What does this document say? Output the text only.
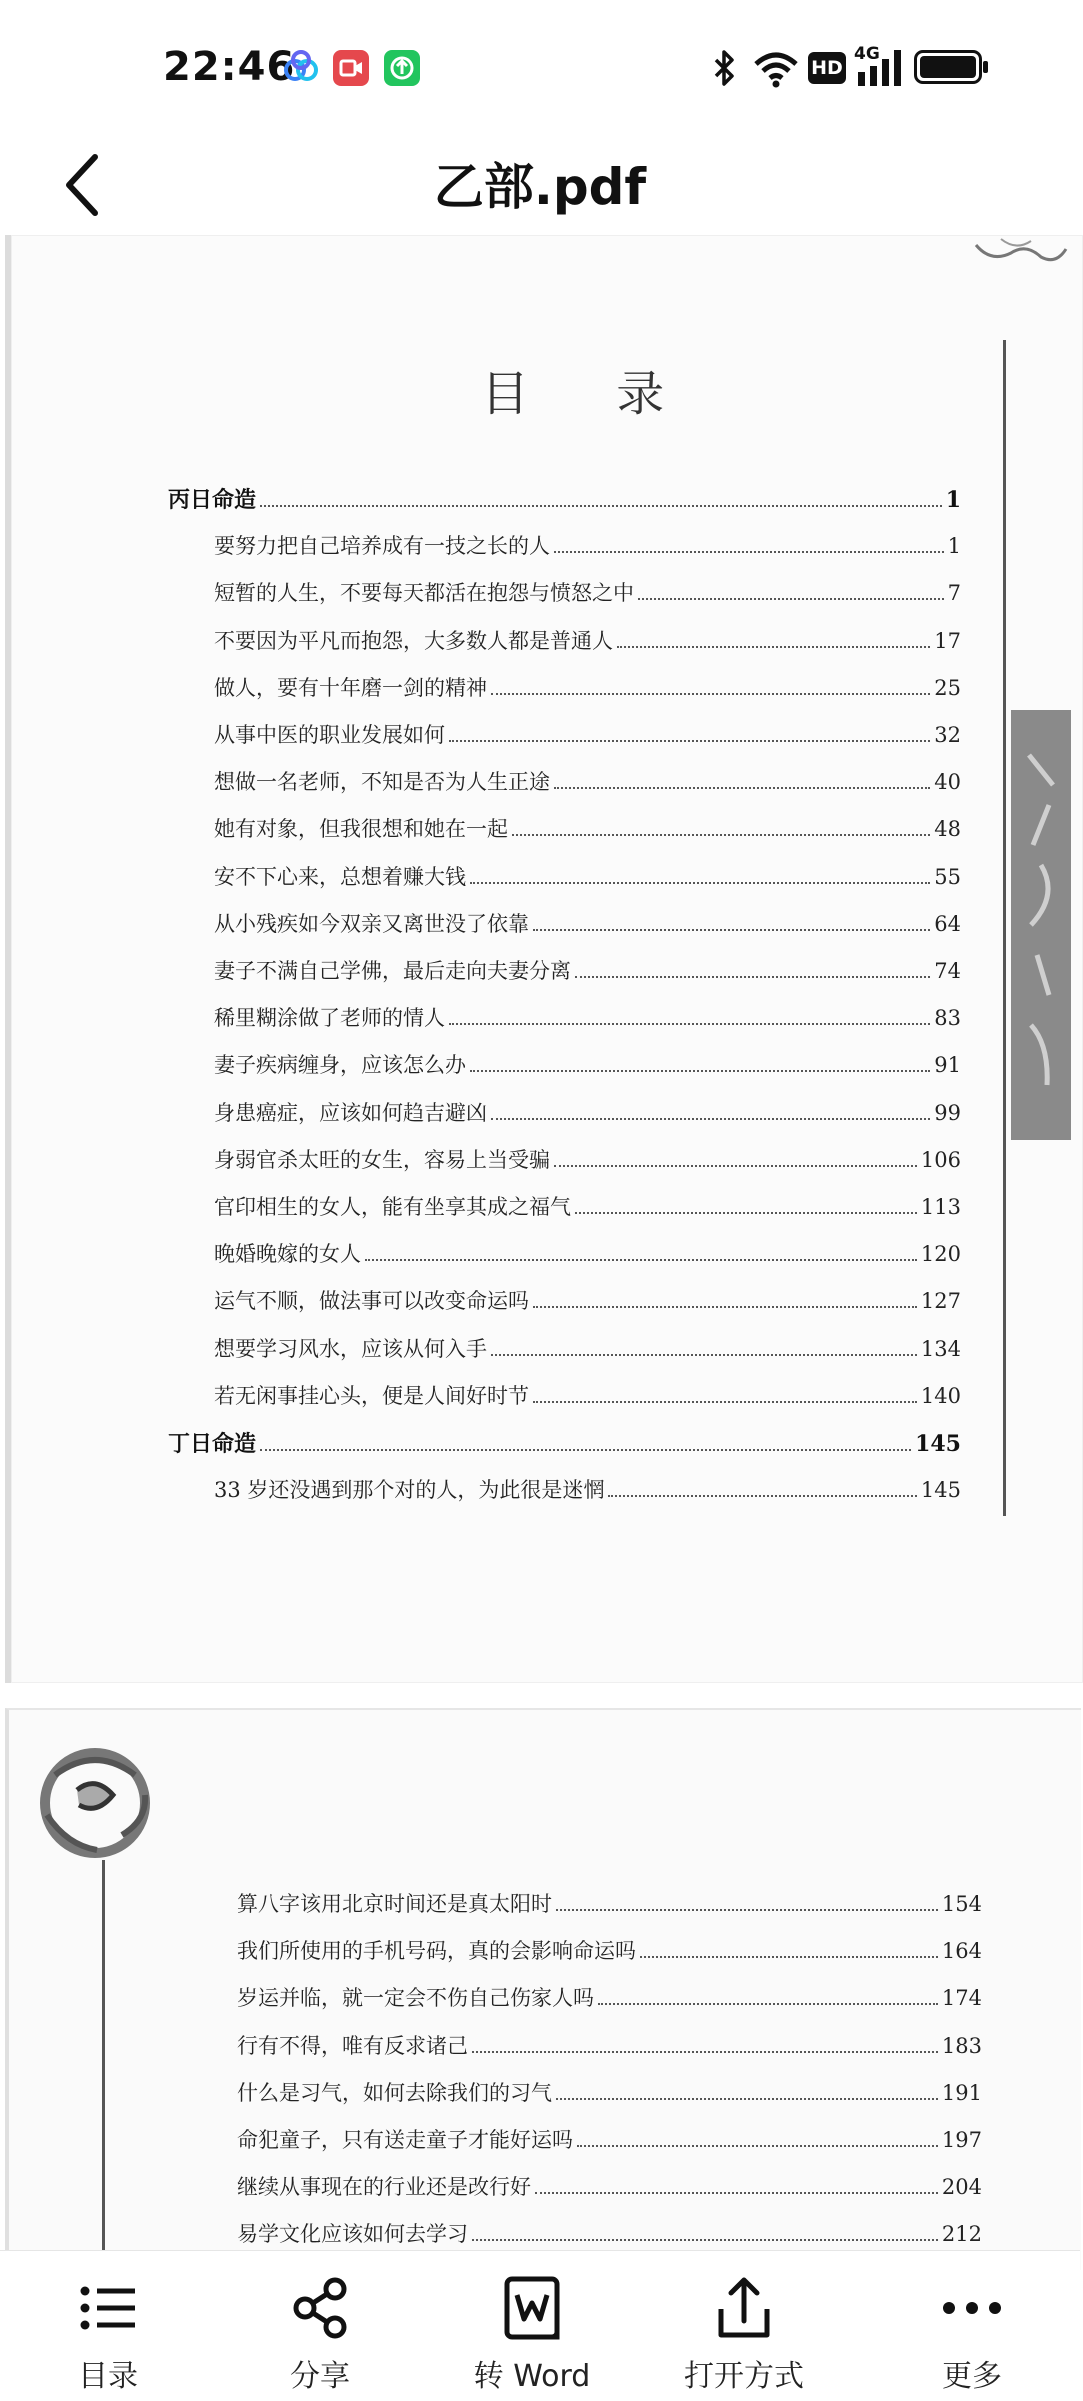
22:46	HD
4G
乙部.pdf
目 录
丙日命造	1
要努力把自己培养成有一技之长的人	1
短暂的人生，不要每天都活在抱怨与愤怒之中	7
不要因为平凡而抱怨，大多数人都是普通人	17
做人，要有十年磨一剑的精神	25
从事中医的职业发展如何	32
想做一名老师，不知是否为人生正途	40
她有对象，但我很想和她在一起	48
安不下心来，总想着赚大钱	55
从小残疾如今双亲又离世没了依靠	64
妻子不满自己学佛，最后走向夫妻分离	74
稀里糊涂做了老师的情人	83
妻子疾病缠身，应该怎么办	91
身患癌症，应该如何趋吉避凶	99
身弱官杀太旺的女生，容易上当受骗	106
官印相生的女人，能有坐享其成之福气	113
晚婚晚嫁的女人	120
运气不顺，做法事可以改变命运吗	127
想要学习风水，应该从何入手	134
若无闲事挂心头，便是人间好时节	140
丁日命造	145
33 岁还没遇到那个对的人，为此很是迷惘	145
算八字该用北京时间还是真太阳时	154
我们所使用的手机号码，真的会影响命运吗	164
岁运并临，就一定会不伤自己伤家人吗	174
行有不得，唯有反求诸己	183
什么是习气，如何去除我们的习气	191
命犯童子，只有送走童子才能好运吗	197
继续从事现在的行业还是改行好	204
易学文化应该如何去学习	212
目录	分享	转 Word	打开方式	更多
